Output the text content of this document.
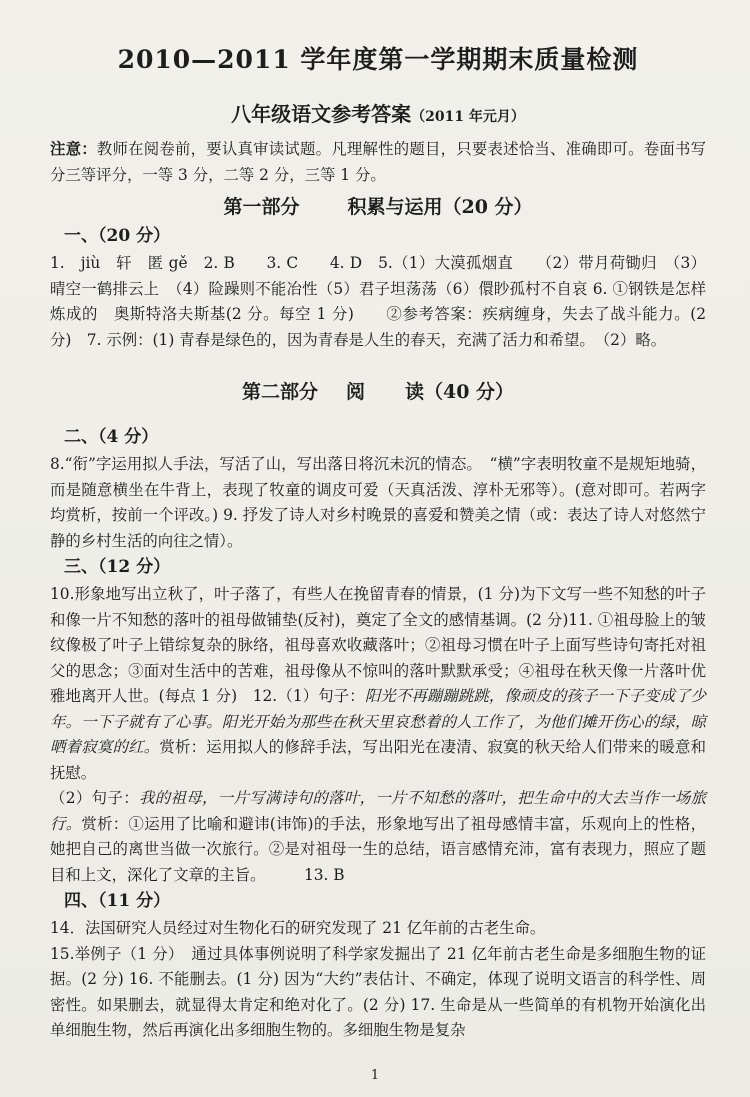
2010—2011 学年度第一学期期末质量检测
八年级语文参考答案（2011 年元月）

注意：教师在阅卷前，要认真审读试题。凡理解性的题目，只要表述恰当、准确即可。卷面书写分三等评分，一等 3 分，二等 2 分，三等 1 分。

第一部分	积累与运用（20 分）
一、（20 分）

1.　jiù　轩　匿 gě　2. B　　3. C　　4. D　5.（1）大漠孤烟直　　（2）带月荷锄归　（3）晴空一鹤排云上　（4）险躁则不能冶性（5）君子坦荡荡（6）儇眇孤村不自哀 6. ①钢铁是怎样炼成的　奥斯特洛夫斯基(2 分。每空 1 分)　　②参考答案：疾病缠身，失去了战斗能力。(2 分)　7. 示例：(1) 青春是绿色的，因为青春是人生的春天，充满了活力和希望。　（2）略。

第二部分 阅 读（40 分）
二、（4 分）

8.“衔”字运用拟人手法，写活了山，写出落日将沉未沉的情态。　“横”字表明牧童不是规矩地骑，而是随意横坐在牛背上，表现了牧童的调皮可爱（天真活泼、淳朴无邪等）。(意对即可。若两字均赏析，按前一个评改。) 9. 抒发了诗人对乡村晚景的喜爱和赞美之情（或：表达了诗人对悠然宁静的乡村生活的向往之情）。

三、（12 分）

10.形象地写出立秋了，叶子落了，有些人在挽留青春的情景，(1 分)为下文写一些不知愁的叶子和像一片不知愁的落叶的祖母做铺垫(反衬)，奠定了全文的感情基调。(2 分)11. ①祖母脸上的皱纹像极了叶子上错综复杂的脉络，祖母喜欢收藏落叶；②祖母习惯在叶子上面写些诗句寄托对祖父的思念；③面对生活中的苦难，祖母像从不惊叫的落叶默默承受；④祖母在秋天像一片落叶优雅地离开人世。(每点 1 分)　12.（1）句子：阳光不再蹦蹦跳跳，像顽皮的孩子一下子变成了少年。一下子就有了心事。阳光开始为那些在秋天里哀愁着的人工作了，为他们摊开伤心的绿，晾晒着寂寞的红。赏析：运用拟人的修辞手法，写出阳光在凄清、寂寞的秋天给人们带来的暖意和抚慰。

（2）句子：我的祖母，一片写满诗句的落叶，一片不知愁的落叶，把生命中的大去当作一场旅行。赏析：①运用了比喻和避讳(讳饰)的手法，形象地写出了祖母感情丰富，乐观向上的性格，她把自己的离世当做一次旅行。②是对祖母一生的总结，语言感情充沛，富有表现力，照应了题目和上文，深化了文章的主旨。　　　13. B

四、（11 分）

14．法国研究人员经过对生物化石的研究发现了 21 亿年前的古老生命。

15.举例子（1 分）　通过具体事例说明了科学家发掘出了 21 亿年前古老生命是多细胞生物的证据。(2 分) 16. 不能删去。(1 分) 因为“大约”表估计、不确定，体现了说明文语言的科学性、周密性。如果删去，就显得太肯定和绝对化了。(2 分) 17. 生命是从一些简单的有机物开始演化出单细胞生物，然后再演化出多细胞生物的。多细胞生物是复杂

1
